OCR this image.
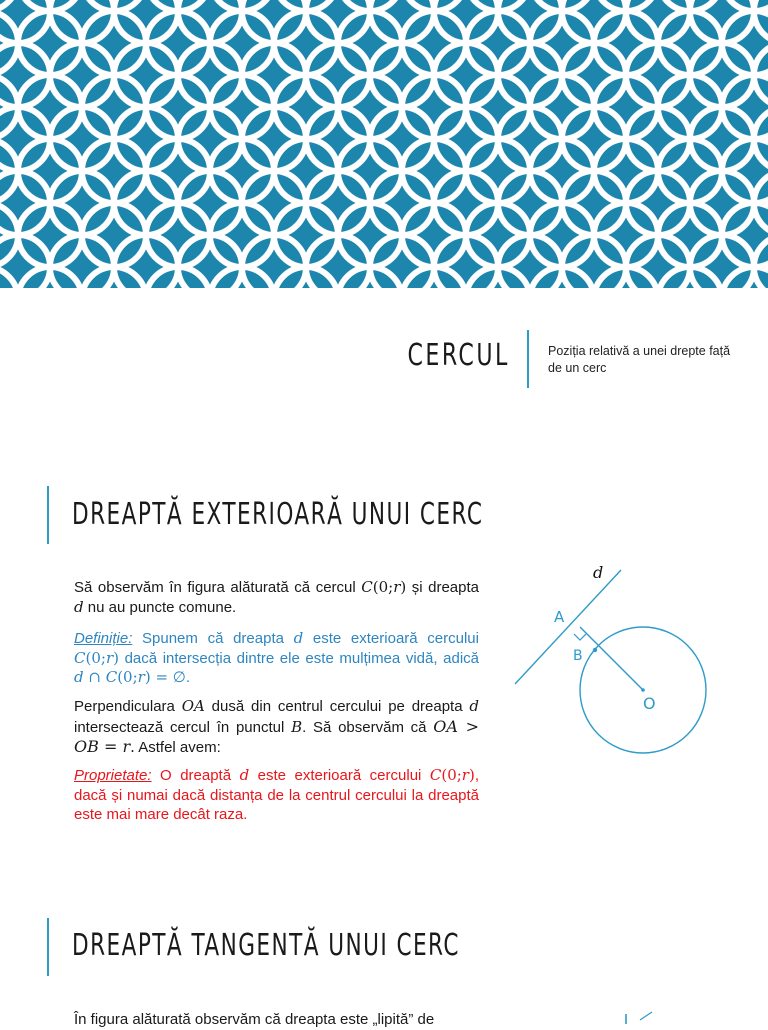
CERCUL	Poziția relativă a unei drepte față de un cerc
DREAPTĂ EXTERIOARĂ UNUI CERC
Să observăm în figura alăturată că cercul C(0;r) și dreapta d nu au puncte comune.
Definiție: Spunem că dreapta d este exterioară cercului C(0;r) dacă intersecția dintre ele este mulțimea vidă, adică d ∩ C(0;r) = ∅.
Perpendiculara OA dusă din centrul cercului pe dreapta d intersectează cercul în punctul B. Să observăm că OA > OB = r. Astfel avem:
Proprietate: O dreaptă d este exterioară cercului C(0;r), dacă și numai dacă distanța de la centrul cercului la dreaptă este mai mare decât raza.
d
A
B
O
DREAPTĂ TANGENTĂ UNUI CERC
În figura alăturată observăm că dreapta este „lipită” de
